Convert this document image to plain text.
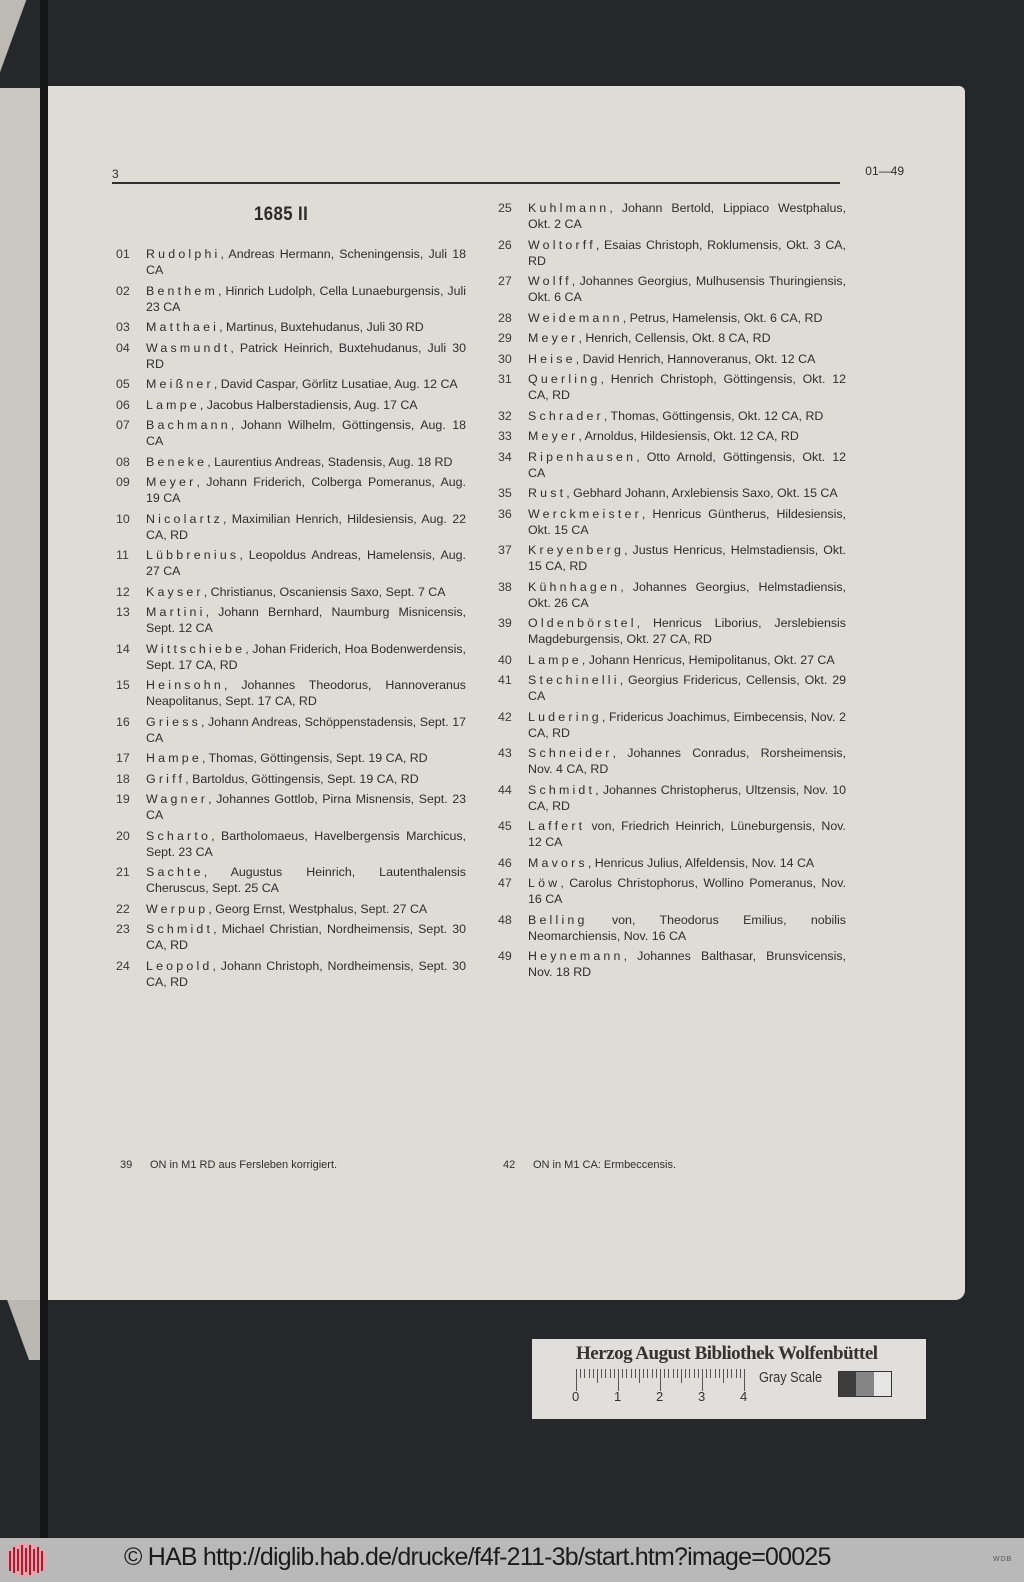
3	01—49
1685 II
01 Rudolphi, Andreas Hermann, Scheningensis, Juli 18 CA
02 Benthem, Hinrich Ludolph, Cella Lunaeburgensis, Juli 23 CA
03 Matthaei, Martinus, Buxtehudanus, Juli 30 RD
04 Wasmundt, Patrick Heinrich, Buxtehudanus, Juli 30 RD
05 Meißner, David Caspar, Görlitz Lusatiae, Aug. 12 CA
06 Lampe, Jacobus Halberstadiensis, Aug. 17 CA
07 Bachmann, Johann Wilhelm, Göttingensis, Aug. 18 CA
08 Beneke, Laurentius Andreas, Stadensis, Aug. 18 RD
09 Meyer, Johann Friderich, Colberga Pomeranus, Aug. 19 CA
10 Nicolartz, Maximilian Henrich, Hildesiensis, Aug. 22 CA, RD
11 Lübbrenius, Leopoldus Andreas, Hamelensis, Aug. 27 CA
12 Kayser, Christianus, Oscaniensis Saxo, Sept. 7 CA
13 Martini, Johann Bernhard, Naumburg Misnicensis, Sept. 12 CA
14 Wittschiebe, Johan Friderich, Hoa Bodenwerdensis, Sept. 17 CA, RD
15 Heinsohn, Johannes Theodorus, Hannoveranus Neapolitanus, Sept. 17 CA, RD
16 Griess, Johann Andreas, Schöppenstadensis, Sept. 17 CA
17 Hampe, Thomas, Göttingensis, Sept. 19 CA, RD
18 Griff, Bartoldus, Göttingensis, Sept. 19 CA, RD
19 Wagner, Johannes Gottlob, Pirna Misnensis, Sept. 23 CA
20 Scharto, Bartholomaeus, Havelbergensis Marchicus, Sept. 23 CA
21 Sachte, Augustus Heinrich, Lautenthalensis Cheruscus, Sept. 25 CA
22 Werpup, Georg Ernst, Westphalus, Sept. 27 CA
23 Schmidt, Michael Christian, Nordheimensis, Sept. 30 CA, RD
24 Leopold, Johann Christoph, Nordheimensis, Sept. 30 CA, RD
25 Kuhlmann, Johann Bertold, Lippiaco Westphalus, Okt. 2 CA
26 Woltorff, Esaias Christoph, Roklumensis, Okt. 3 CA, RD
27 Wolff, Johannes Georgius, Mulhusensis Thuringiensis, Okt. 6 CA
28 Weidemann, Petrus, Hamelensis, Okt. 6 CA, RD
29 Meyer, Henrich, Cellensis, Okt. 8 CA, RD
30 Heise, David Henrich, Hannoveranus, Okt. 12 CA
31 Querling, Henrich Christoph, Göttingensis, Okt. 12 CA, RD
32 Schrader, Thomas, Göttingensis, Okt. 12 CA, RD
33 Meyer, Arnoldus, Hildesiensis, Okt. 12 CA, RD
34 Ripenhausen, Otto Arnold, Göttingensis, Okt. 12 CA
35 Rust, Gebhard Johann, Arxlebiensis Saxo, Okt. 15 CA
36 Werckmeister, Henricus Güntherus, Hildesiensis, Okt. 15 CA
37 Kreyenberg, Justus Henricus, Helmstadiensis, Okt. 15 CA, RD
38 Kühnhagen, Johannes Georgius, Helmstadiensis, Okt. 26 CA
39 Oldenbörstel, Henricus Liborius, Jerslebiensis Magdeburgensis, Okt. 27 CA, RD
40 Lampe, Johann Henricus, Hemipolitanus, Okt. 27 CA
41 Stechinelli, Georgius Fridericus, Cellensis, Okt. 29 CA
42 Ludering, Fridericus Joachimus, Eimbecensis, Nov. 2 CA, RD
43 Schneider, Johannes Conradus, Rorsheimensis, Nov. 4 CA, RD
44 Schmidt, Johannes Christopherus, Ultzensis, Nov. 10 CA, RD
45 Laffert von, Friedrich Heinrich, Lüneburgensis, Nov. 12 CA
46 Mavors, Henricus Julius, Alfeldensis, Nov. 14 CA
47 Löw, Carolus Christophorus, Wollino Pomeranus, Nov. 16 CA
48 Belling von, Theodorus Emilius, nobilis Neomarchiensis, Nov. 16 CA
49 Heynemann, Johannes Balthasar, Brunsvicensis, Nov. 18 RD
39 ON in M1 RD aus Fersleben korrigiert.	42 ON in M1 CA: Ermbeccensis.
Herzog August Bibliothek Wolfenbüttel
0	1	2	3	4
Gray Scale
© HAB http://diglib.hab.de/drucke/f4f-211-3b/start.htm?image=00025	WDB
